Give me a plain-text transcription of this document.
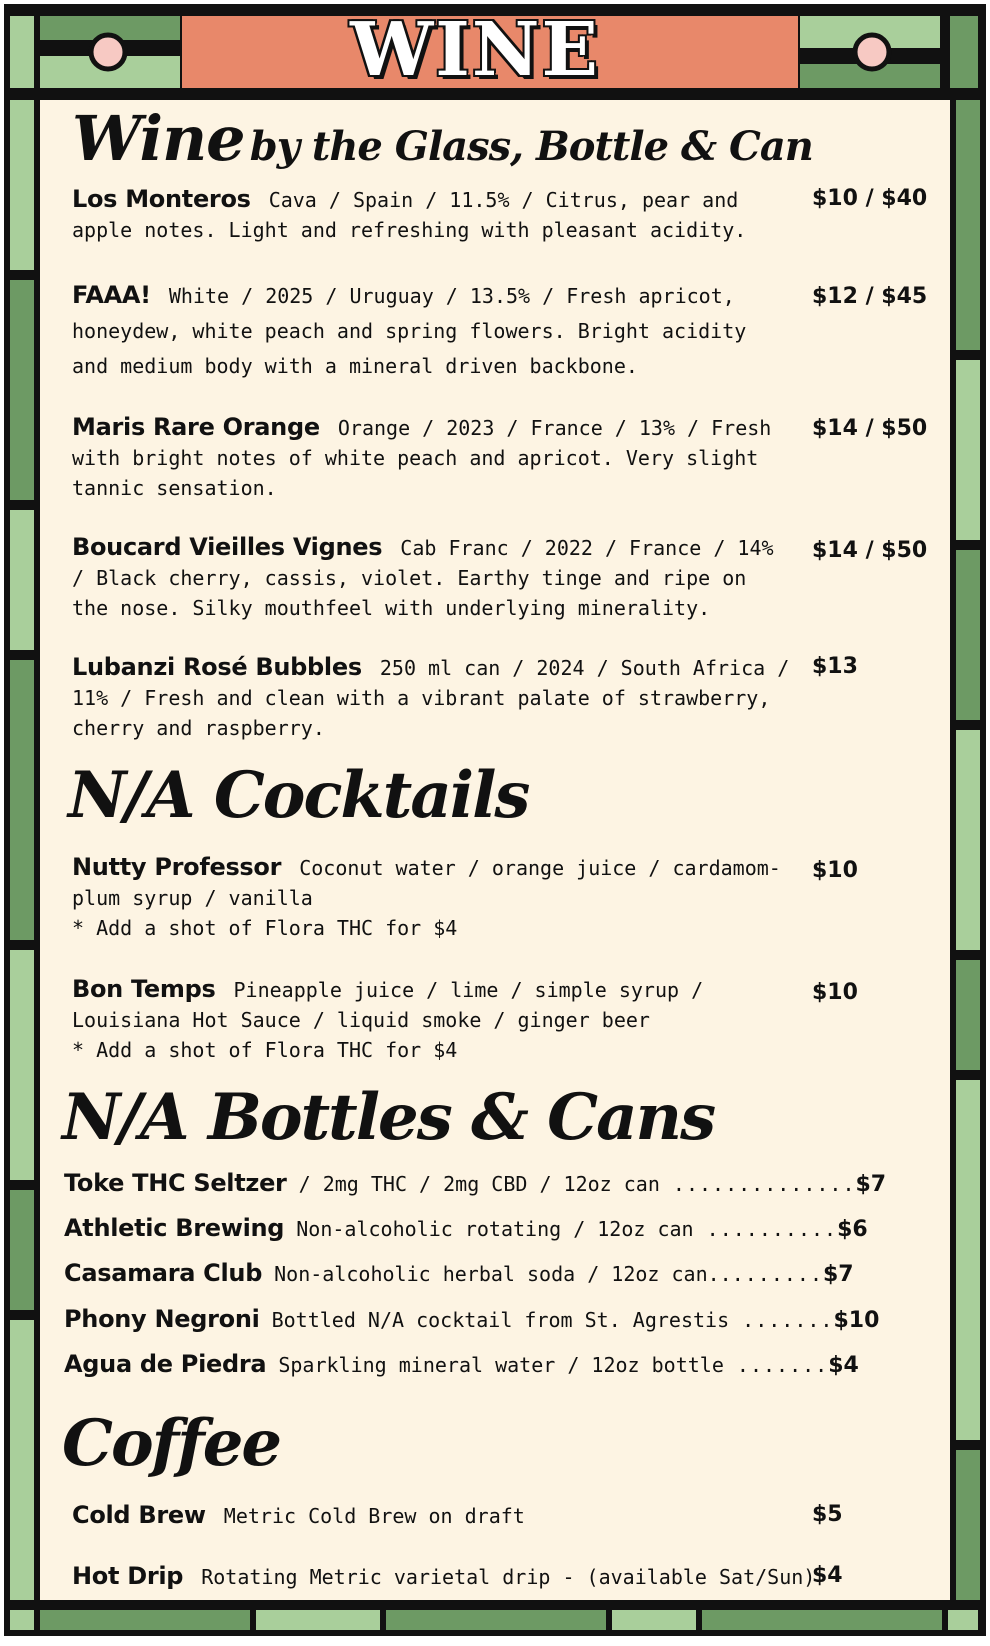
WINE
Wine by the Glass, Bottle & Can
Los Monteros Cava / Spain / 11.5% / Citrus, pear and apple notes. Light and refreshing with pleasant acidity.
$10 / $40
FAAA! White / 2025 / Uruguay / 13.5% / Fresh apricot, honeydew, white peach and spring flowers. Bright acidity and medium body with a mineral driven backbone.
$12 / $45
Maris Rare Orange Orange / 2023 / France / 13% / Fresh with bright notes of white peach and apricot. Very slight tannic sensation.
$14 / $50
Boucard Vieilles Vignes Cab Franc / 2022 / France / 14% / Black cherry, cassis, violet. Earthy tinge and ripe on the nose. Silky mouthfeel with underlying minerality.
$14 / $50
Lubanzi Rosé Bubbles 250 ml can / 2024 / South Africa / 11% / Fresh and clean with a vibrant palate of strawberry, cherry and raspberry.
$13
N/A Cocktails
Nutty Professor Coconut water / orange juice / cardamom-plum syrup / vanilla
* Add a shot of Flora THC for $4
$10
Bon Temps Pineapple juice / lime / simple syrup / Louisiana Hot Sauce / liquid smoke / ginger beer
* Add a shot of Flora THC for $4
$10
N/A Bottles & Cans
Toke THC Seltzer / 2mg THC / 2mg CBD / 12oz can ..............$7
Athletic Brewing Non-alcoholic rotating / 12oz can ..........$6
Casamara Club Non-alcoholic herbal soda / 12oz can.........$7
Phony Negroni Bottled N/A cocktail from St. Agrestis .......$10
Agua de Piedra Sparkling mineral water / 12oz bottle .......$4
Coffee
Cold Brew Metric Cold Brew on draft	$5
Hot Drip Rotating Metric varietal drip - (available Sat/Sun)
$4
